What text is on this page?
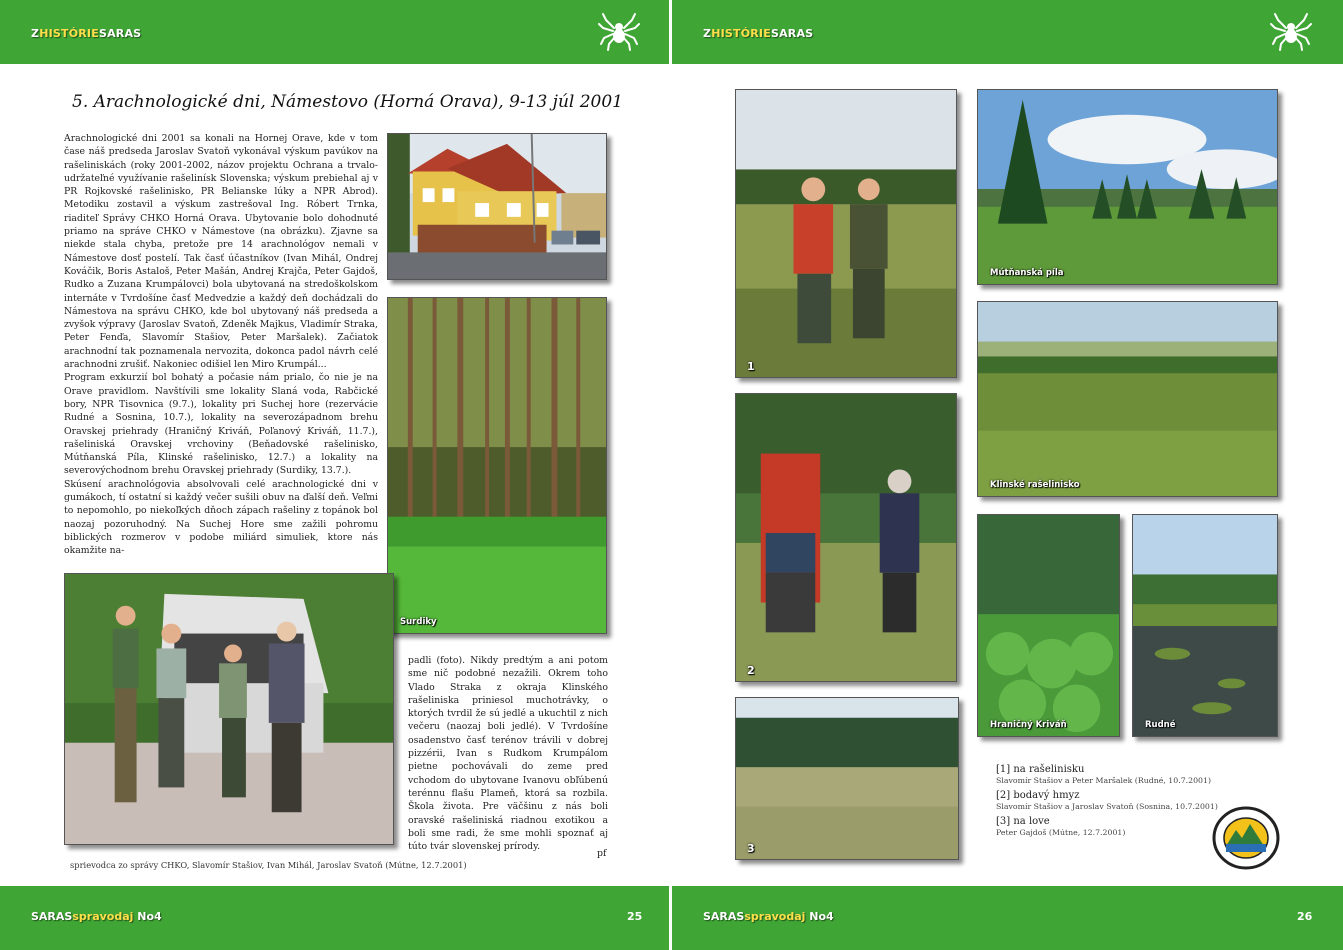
ZHISTÓRIESARAS	ZHISTÓRIESARAS
SARASspravodaj No4	25	SARASspravodaj No4	26
5. Arachnologické dni, Námestovo (Horná Orava), 9-13 júl 2001

Arachnologické dni 2001 sa konali na Hornej Orave, kde v tom čase náš predseda Jaroslav Svatoň vykonával výskum pavúkov na rašeliniskách (roky 2001-2002, názov projektu Ochrana a trvalo-udržateľné využívanie rašelinísk Slovenska; výskum prebiehal aj v PR Rojkovské rašelinisko, PR Belianske lúky a NPR Abrod). Metodiku zostavil a výskum zastrešoval Ing. Róbert Trnka, riaditeľ Správy CHKO Horná Orava. Ubytovanie bolo dohodnuté priamo na správe CHKO v Námestove (na obrázku). Zjavne sa niekde stala chyba, pretože pre 14 arachnológov nemali v Námestove dosť postelí. Tak časť účastníkov (Ivan Mihál, Ondrej Kováčik, Boris Astaloš, Peter Mašán, Andrej Krajča, Peter Gajdoš, Rudko a Zuzana Krumpálovci) bola ubytovaná na stredoškolskom internáte v Tvrdošíne časť Medvedzie a každý deň dochádzali do Námestova na správu CHKO, kde bol ubytovaný náš predseda a zvyšok výpravy (Jaroslav Svatoň, Zdeněk Majkus, Vladimír Straka, Peter Fenďa, Slavomír Stašiov, Peter Maršalek). Začiatok arachnodní tak poznamenala nervozita, dokonca padol návrh celé arachnodni zrušiť. Nakoniec odišiel len Miro Krumpál...

Program exkurzií bol bohatý a počasie nám prialo, čo nie je na Orave pravidlom. Navštívili sme lokality Slaná voda, Rabčické bory, NPR Tisovnica (9.7.), lokality pri Suchej hore (rezervácie Rudné a Sosnina, 10.7.), lokality na severozápadnom brehu Oravskej priehrady (Hraničný Kriváň, Poľanový Kriváň, 11.7.), rašeliniská Oravskej vrchoviny (Beňadovské rašelinisko, Mútňanská Píla, Klinské rašelinisko, 12.7.) a lokality na severovýchodnom brehu Oravskej priehrady (Surdiky, 13.7.).

Skúsení arachnológovia absolvovali celé arachnologické dni v gumákoch, tí ostatní si každý večer sušili obuv na ďalší deň. Veľmi to nepomohlo, po niekoľkých dňoch zápach rašeliny z topánok bol naozaj pozoruhodný. Na Suchej Hore sme zažili pohromu biblických rozmerov v podobe miliárd simuliek, ktore nás okamžite na-

padli (foto). Nikdy predtým a ani potom sme nič podobné nezažili. Okrem toho Vlado Straka z okraja Klinského rašeliniska priniesol muchotrávky, o ktorých tvrdil že sú jedlé a ukuchtil z nich večeru (naozaj boli jedlé). V Tvrdošíne osadenstvo časť terénov trávili v dobrej pizzérii, Ivan s Rudkom Krumpálom pietne pochovávali do zeme pred vchodom do ubytovane Ivanovu obľúbenú terénnu flašu Plameň, ktorá sa rozbila. Škola života. Pre väčšinu z nás boli oravské rašeliniská riadnou exotikou a boli sme radi, že sme mohli spoznať aj túto tvár slovenskej prírody.

pf
Surdiky
sprievodca zo správy CHKO, Slavomír Stašiov, Ivan Mihál, Jaroslav Svatoň (Mútne, 12.7.2001)
1
Mútňanská píla
Klinské rašelinisko
2
Hraničný Kriváň	Rudné
3
[1] na rašelinisku
Slavomír Stašiov a Peter Maršalek (Rudné, 10.7.2001)
[2] bodavý hmyz
Slavomír Stašiov a Jaroslav Svatoň (Sosnina, 10.7.2001)
[3] na love
Peter Gajdoš (Mútne, 12.7.2001)
